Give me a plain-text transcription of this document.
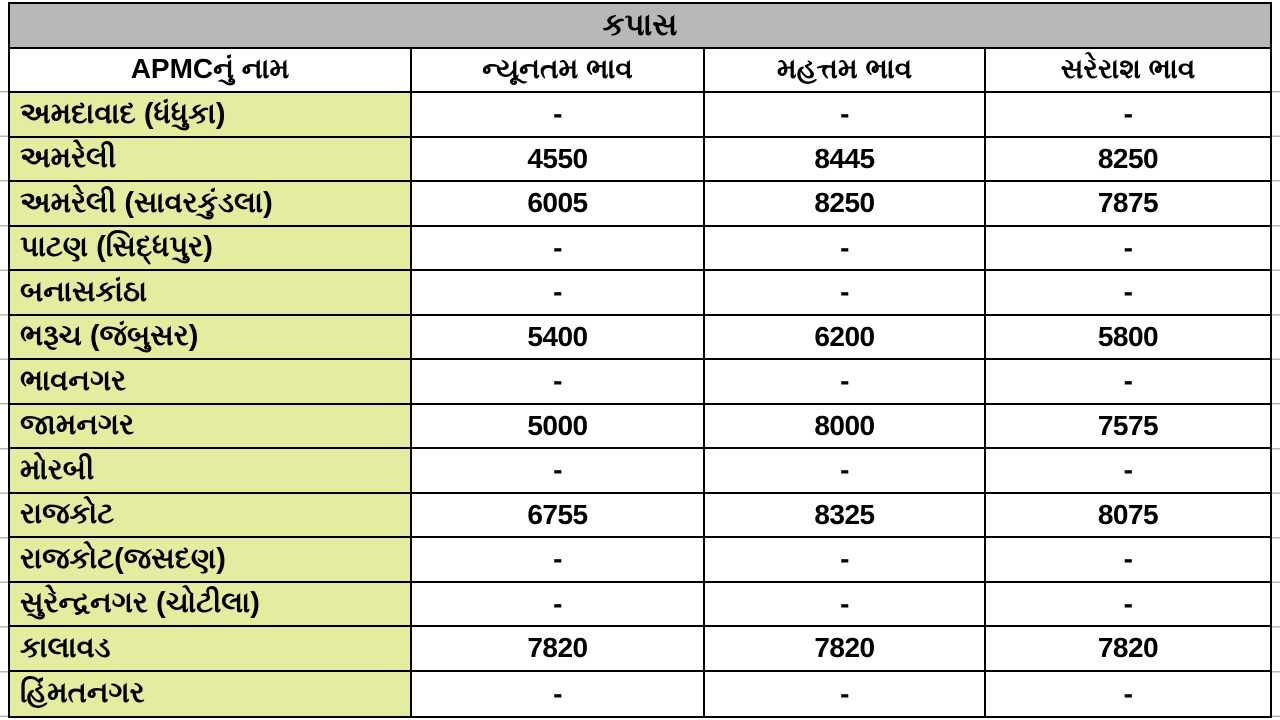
કપાસ
APMCનું નામ	ન્યૂનતમ ભાવ	મહત્તમ ભાવ	સરેરાશ ભાવ
અમદાવાદ (ધંધુકા)	-	-	-
અમરેલી	4550	8445	8250
અમરેલી (સાવરકુંડલા)	6005	8250	7875
પાટણ (સિદ્ધપુર)	-	-	-
બનાસકાંઠા	-	-	-
ભરૂચ (જંબુસર)	5400	6200	5800
ભાવનગર	-	-	-
જામનગર	5000	8000	7575
મોરબી	-	-	-
રાજકોટ	6755	8325	8075
રાજકોટ(જસદણ)	-	-	-
સુરેન્દ્રનગર (ચોટીલા)	-	-	-
કાલાવડ	7820	7820	7820
હિંમતનગર	-	-	-
